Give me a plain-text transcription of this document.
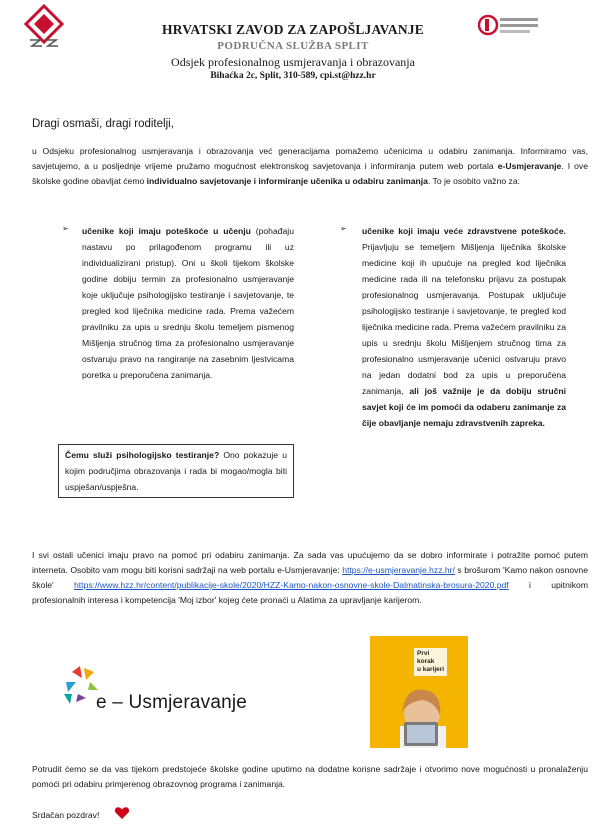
HRVATSKI ZAVOD ZA ZAPOŠLJAVANJE
PODRUČNA SLUŽBA SPLIT
Odsjek profesionalnog usmjeravanja i obrazovanja
Bihaćka 2c, Split, 310-589, cpi.st@hzz.hr
Dragi osmaši, dragi roditelji,
u Odsjeku profesionalnog usmjeravanja i obrazovanja već generacijama pomažemo učenicima u odabiru zanimanja. Informiramo vas, savjetujemo, a u posljednje vrijeme pružamo mogućnost elektronskog savjetovanja i informiranja putem web portala e-Usmjeravanje. I ove školske godine obavljat ćemo individualno savjetovanje i informiranje učenika u odabiru zanimanja. To je osobito važno za:
➢ učenike koji imaju poteškoće u učenju (pohađaju nastavu po prilagođenom programu ili uz individualizirani pristup). Oni u školi tijekom školske godine dobiju termin za profesionalno usmjeravanje koje uključuje psihologijsko testiranje i savjetovanje, te pregled kod liječnika medicine rada. Prema važećem pravilniku za upis u srednju školu temeljem pismenog Mišljenja stručnog tima za profesionalno usmjeravanje ostvaruju pravo na rangiranje na zasebnim ljestvicama poretka u preporučena zanimanja.

Čemu služi psihologijsko testiranje? Ono pokazuje u kojim područjima obrazovanja i rada bi mogao/mogla biti uspješan/uspješna.
➢ učenike koji imaju veće zdravstvene poteškoće. Prijavljuju se temeljem Mišljenja liječnika školske medicine koji ih upućuje na pregled kod liječnika medicine rada ili na telefonsku prijavu za postupak profesionalnog usmjeravanja. Postupak uključuje psihologijsko testiranje i savjetovanje, te pregled kod liječnika medicine rada. Prema važećem pravilniku za upis u srednju školu Mišljenjem stručnog tima za profesionalno usmjeravanje učenici ostvaruju pravo na jedan dodatni bod za upis u preporučena zanimanja, ali još važnije je da dobiju stručni savjet koji će im pomoći da odaberu zanimanje za čije obavljanje nemaju zdravstvenih zapreka.

I svi ostali učenici imaju pravo na pomoć pri odabiru zanimanja. Za sada vas upućujemo da se dobro informirate i potražite pomoć putem interneta. Osobito vam mogu biti korisni sadržaji na web portalu e-Usmjeravanje: https://e-usmjeravanje.hzz.hr/ s brošurom 'Kamo nakon osnovne škole' https://www.hzz.hr/content/publikacije-skole/2020/HZZ-Kamo-nakon-osnovne-skole-Dalmatinska-brosura-2020.pdf i upitnikom profesionalnih interesa i kompetencija 'Moj izbor' kojeg ćete pronaći u Alatima za upravljanje karijerom.
e – Usmjeravanje
Prvi
korak
u karijeri
Potrudit ćemo se da vas tijekom predstojeće školske godine uputimo na dodatne korisne sadržaje i otvorimo nove mogućnosti u pronalaženju pomoći pri odabiru primjerenog obrazovnog programa i zanimanja.
Srdačan pozdrav!
